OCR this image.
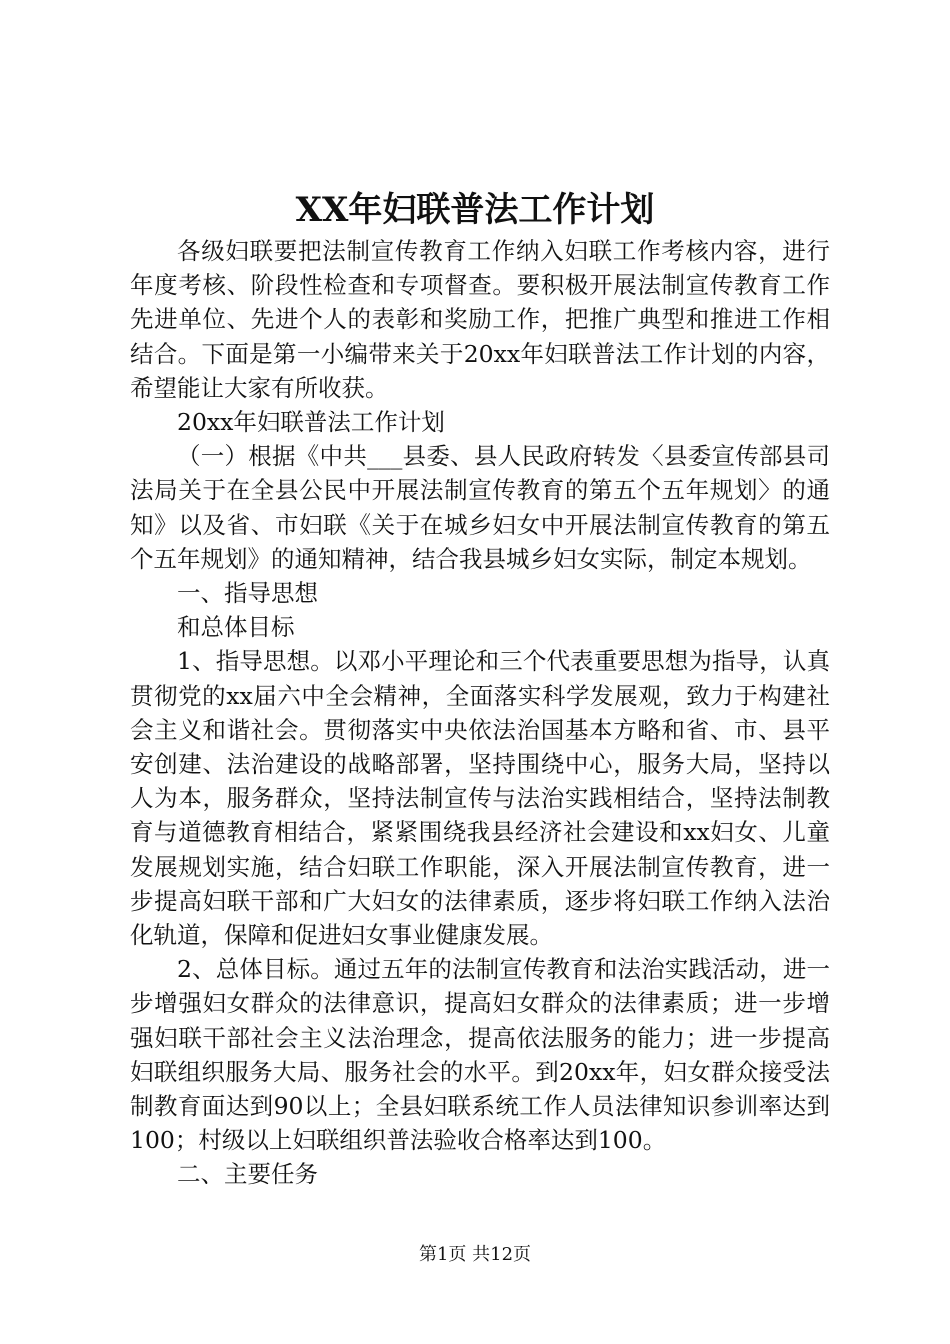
XX年妇联普法工作计划

各级妇联要把法制宣传教育工作纳入妇联工作考核内容，进行年度考核、阶段性检查和专项督查。要积极开展法制宣传教育工作先进单位、先进个人的表彰和奖励工作，把推广典型和推进工作相结合。下面是第一小编带来关于20xx年妇联普法工作计划的内容，希望能让大家有所收获。

20xx年妇联普法工作计划

（一）根据《中共___县委、县人民政府转发〈县委宣传部县司法局关于在全县公民中开展法制宣传教育的第五个五年规划〉的通知》以及省、市妇联《关于在城乡妇女中开展法制宣传教育的第五个五年规划》的通知精神，结合我县城乡妇女实际，制定本规划。

一、指导思想

和总体目标

1、指导思想。以邓小平理论和三个代表重要思想为指导，认真贯彻党的xx届六中全会精神，全面落实科学发展观，致力于构建社会主义和谐社会。贯彻落实中央依法治国基本方略和省、市、县平安创建、法治建设的战略部署，坚持围绕中心，服务大局，坚持以人为本，服务群众，坚持法制宣传与法治实践相结合，坚持法制教育与道德教育相结合，紧紧围绕我县经济社会建设和xx妇女、儿童发展规划实施，结合妇联工作职能，深入开展法制宣传教育，进一步提高妇联干部和广大妇女的法律素质，逐步将妇联工作纳入法治化轨道，保障和促进妇女事业健康发展。

2、总体目标。通过五年的法制宣传教育和法治实践活动，进一步增强妇女群众的法律意识，提高妇女群众的法律素质；进一步增强妇联干部社会主义法治理念，提高依法服务的能力；进一步提高妇联组织服务大局、服务社会的水平。到20xx年，妇女群众接受法制教育面达到90以上；全县妇联系统工作人员法律知识参训率达到100；村级以上妇联组织普法验收合格率达到100。

二、主要任务

第1页 共12页
